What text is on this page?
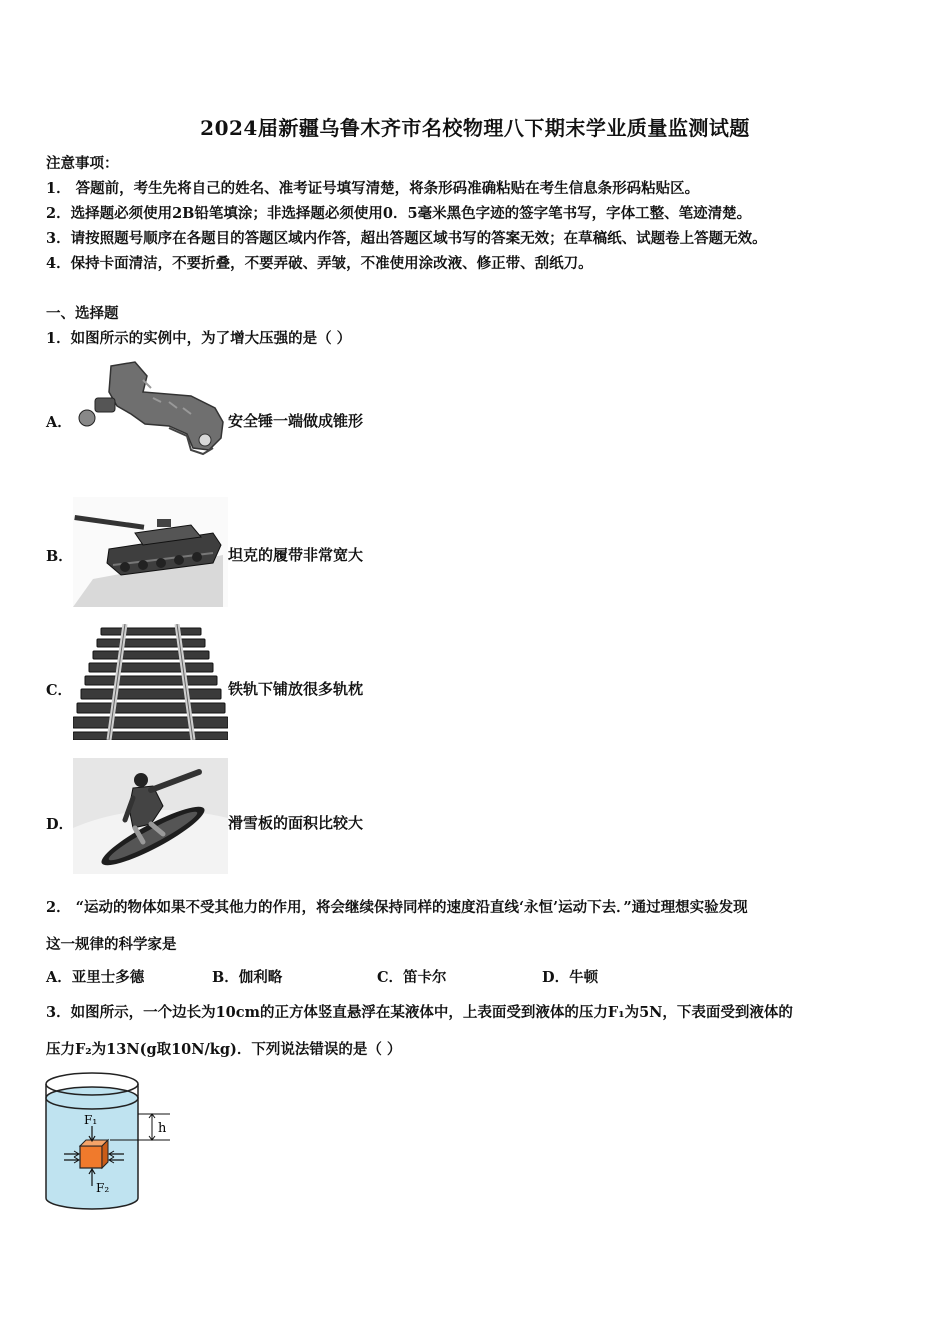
2024届新疆乌鲁木齐市名校物理八下期末学业质量监测试题
注意事项：
1． 答题前，考生先将自己的姓名、准考证号填写清楚，将条形码准确粘贴在考生信息条形码粘贴区。
2．选择题必须使用2B铅笔填涂；非选择题必须使用0．5毫米黑色字迹的签字笔书写，字体工整、笔迹清楚。
3．请按照题号顺序在各题目的答题区域内作答，超出答题区域书写的答案无效；在草稿纸、试题卷上答题无效。
4．保持卡面清洁，不要折叠，不要弄破、弄皱，不准使用涂改液、修正带、刮纸刀。
一、选择题
1．如图所示的实例中，为了增大压强的是（ ）
A．	安全锤一端做成锥形
B．	坦克的履带非常宽大
C．	铁轨下铺放很多轨枕
D．	滑雪板的面积比较大
2． “运动的物体如果不受其他力的作用，将会继续保持同样的速度沿直线‘永恒’运动下去．”通过理想实验发现
这一规律的科学家是
A．亚里士多德	B．伽利略	C．笛卡尔	D．牛顿
3．如图所示，一个边长为10cm的正方体竖直悬浮在某液体中，上表面受到液体的压力F₁为5N，下表面受到液体的
压力F₂为13N(g取10N/kg)．下列说法错误的是（ ）
h
F₁
F₂
